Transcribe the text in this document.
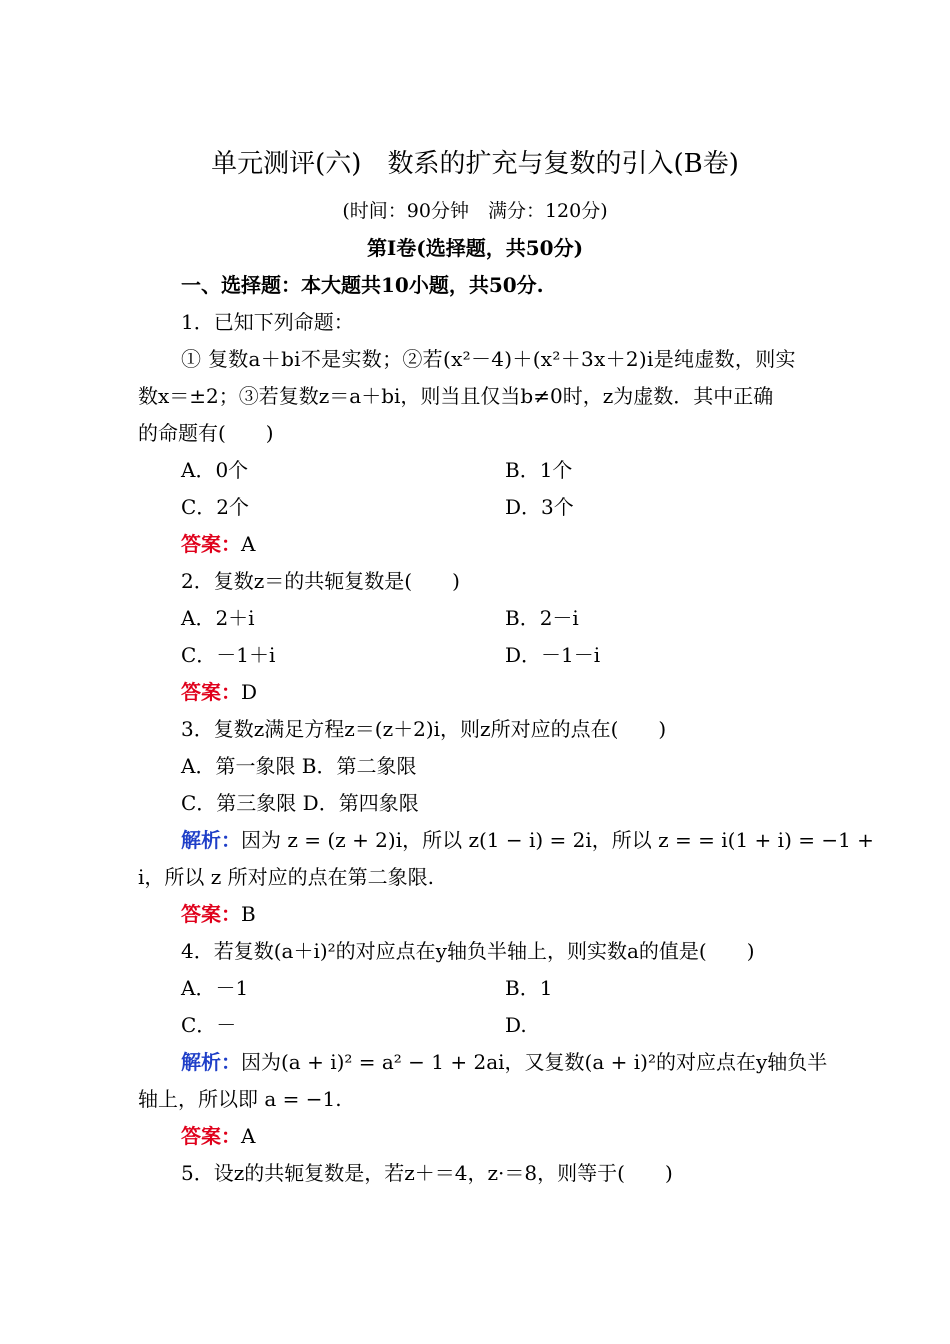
单元测评(六)　数系的扩充与复数的引入(B卷)
(时间：90分钟　满分：120分)
第Ⅰ卷(选择题，共50分)
一、选择题：本大题共10小题，共50分.
1．已知下列命题：
① 复数a＋bi不是实数；②若(x²－4)＋(x²＋3x＋2)i是纯虚数，则实
数x＝±2；③若复数z＝a＋bi，则当且仅当b≠0时，z为虚数．其中正确
的命题有(　　)
A．0个	B．1个
C．2个	D．3个
答案：A
2．复数z＝的共轭复数是(　　)
A．2＋i	B．2－i
C．－1＋i	D．－1－i
答案：D
3．复数z满足方程z＝(z＋2)i，则z所对应的点在(　　)
A．第一象限 B．第二象限
C．第三象限 D．第四象限
解析：因为 z = (z + 2)i，所以 z(1 − i) = 2i，所以 z = = i(1 + i) = −1 +
i，所以 z 所对应的点在第二象限.
答案：B
4．若复数(a＋i)²的对应点在y轴负半轴上，则实数a的值是(　　)
A．－1	B．1
C．－	D.
解析：因为(a + i)² = a² − 1 + 2ai，又复数(a + i)²的对应点在y轴负半
轴上，所以即 a = −1.
答案：A
5．设z的共轭复数是，若z＋＝4，z·＝8，则等于(　　)
